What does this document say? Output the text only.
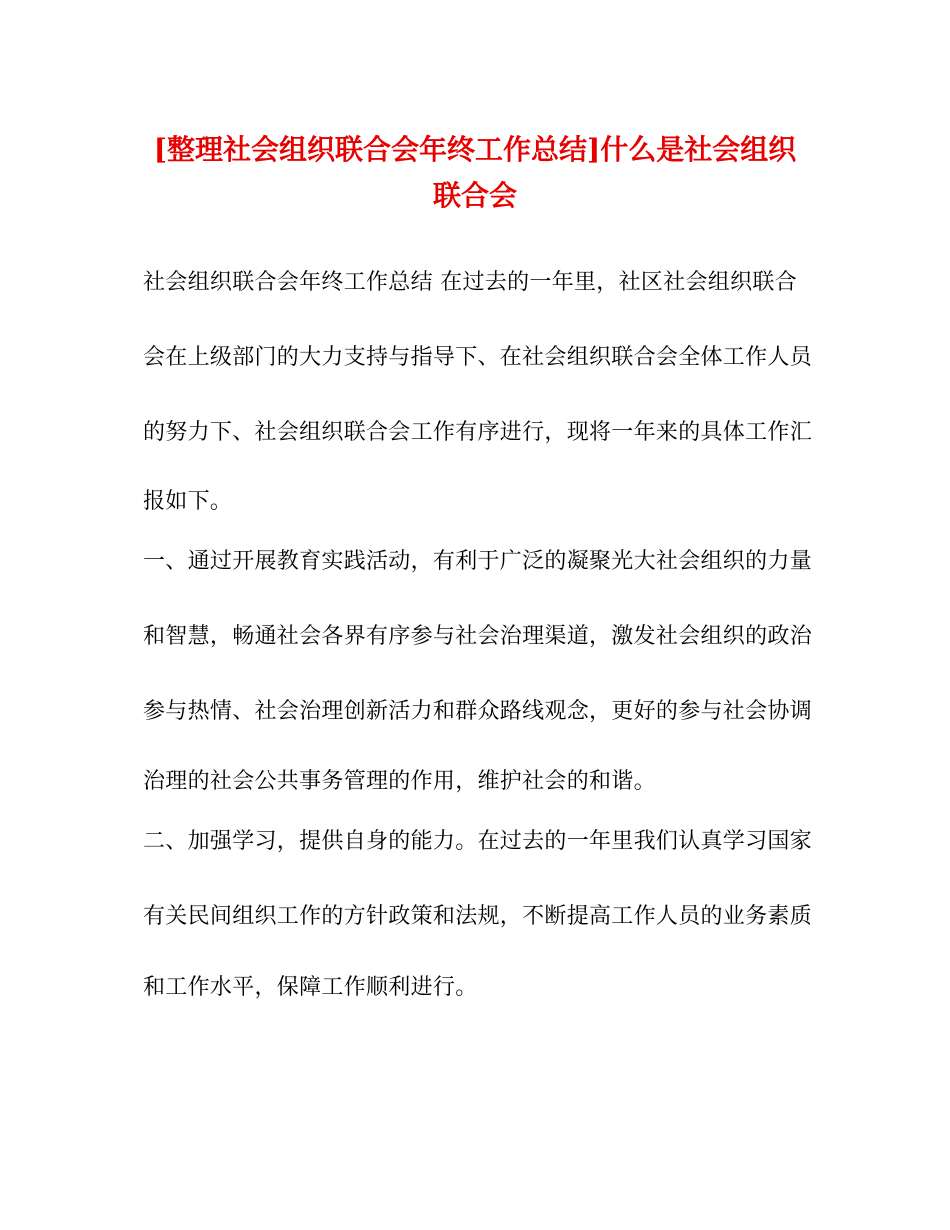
[整理社会组织联合会年终工作总结]什么是社会组织
联合会
社会组织联合会年终工作总结 在过去的一年里，社区社会组织联合
会在上级部门的大力支持与指导下、在社会组织联合会全体工作人员
的努力下、社会组织联合会工作有序进行，现将一年来的具体工作汇
报如下。
一、通过开展教育实践活动，有利于广泛的凝聚光大社会组织的力量
和智慧，畅通社会各界有序参与社会治理渠道，激发社会组织的政治
参与热情、社会治理创新活力和群众路线观念，更好的参与社会协调
治理的社会公共事务管理的作用，维护社会的和谐。
二、加强学习，提供自身的能力。在过去的一年里我们认真学习国家
有关民间组织工作的方针政策和法规，不断提高工作人员的业务素质
和工作水平，保障工作顺利进行。
